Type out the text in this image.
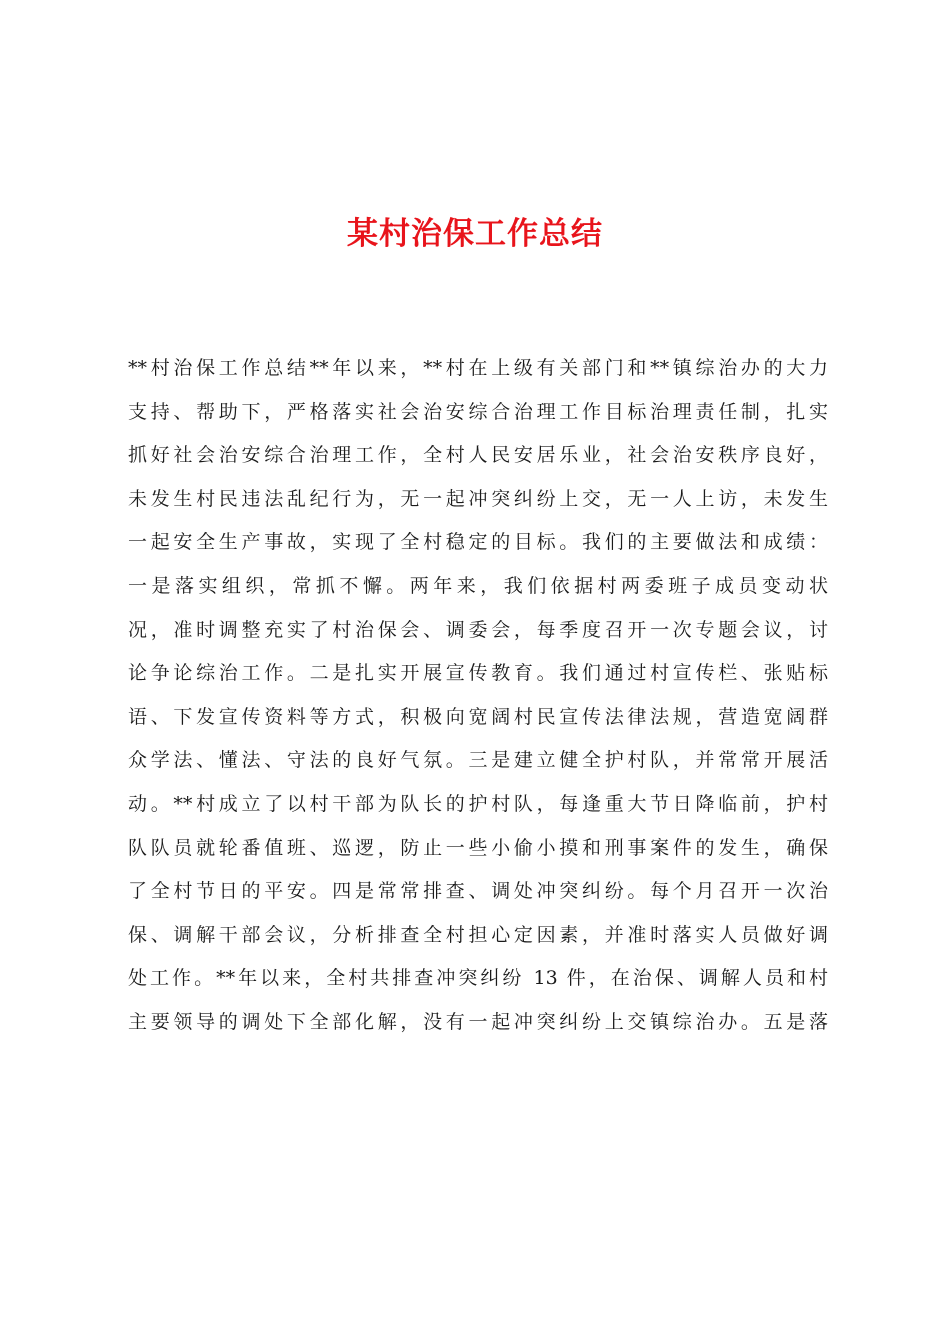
某村治保工作总结
**村治保工作总结**年以来，**村在上级有关部门和**镇综治办的大力
支持、帮助下，严格落实社会治安综合治理工作目标治理责任制，扎实
抓好社会治安综合治理工作，全村人民安居乐业，社会治安秩序良好，
未发生村民违法乱纪行为，无一起冲突纠纷上交，无一人上访，未发生
一起安全生产事故，实现了全村稳定的目标。我们的主要做法和成绩：
一是落实组织，常抓不懈。两年来，我们依据村两委班子成员变动状
况，准时调整充实了村治保会、调委会，每季度召开一次专题会议，讨
论争论综治工作。二是扎实开展宣传教育。我们通过村宣传栏、张贴标
语、下发宣传资料等方式，积极向宽阔村民宣传法律法规，营造宽阔群
众学法、懂法、守法的良好气氛。三是建立健全护村队，并常常开展活
动。**村成立了以村干部为队长的护村队，每逢重大节日降临前，护村
队队员就轮番值班、巡逻，防止一些小偷小摸和刑事案件的发生，确保
了全村节日的平安。四是常常排查、调处冲突纠纷。每个月召开一次治
保、调解干部会议，分析排查全村担心定因素，并准时落实人员做好调
处工作。**年以来，全村共排查冲突纠纷 13 件，在治保、调解人员和村
主要领导的调处下全部化解，没有一起冲突纠纷上交镇综治办。五是落
